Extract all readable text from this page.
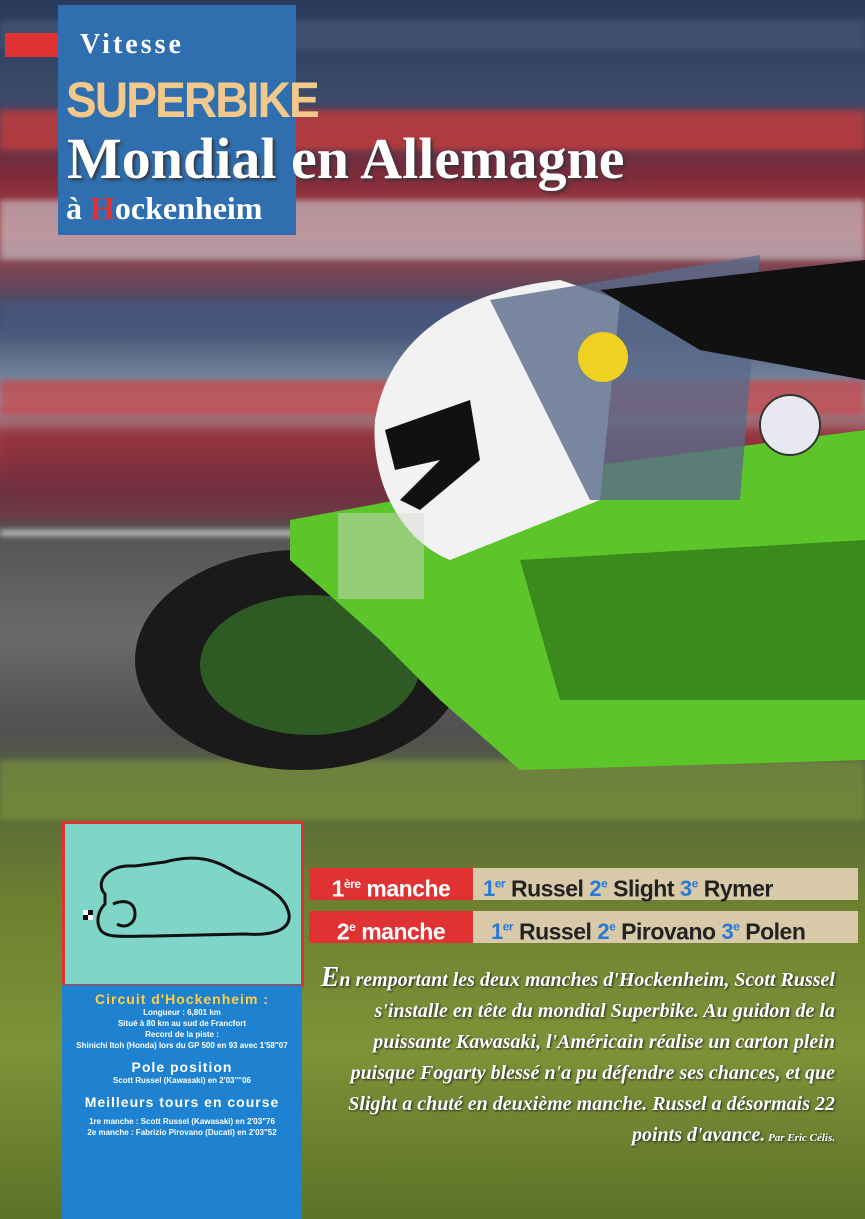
Vitesse
SUPERBIKE
Mondial en Allemagne
à Hockenheim
Circuit d'Hockenheim :
Longueur : 6,801 km
Situé à 80 km au sud de Francfort
Record de la piste :
Shinichi Itoh (Honda) lors du GP 500 en 93 avec 1'58"07
Pole position
Scott Russel (Kawasaki) en 2'03""06
Meilleurs tours en course
1re manche : Scott Russel (Kawasaki) en 2'03"76
2e manche : Fabrizio Pirovano (Ducati) en 2'03"52
1ère manche	1er Russel 2e Slight 3e Rymer
2e manche	1er Russel 2e Pirovano 3e Polen
En remportant les deux manches d'Hockenheim, Scott Russel s'installe en tête du mondial Superbike. Au guidon de la puissante Kawasaki, l'Américain réalise un carton plein puisque Fogarty blessé n'a pu défendre ses chances, et que Slight a chuté en deuxième manche. Russel a désormais 22 points d'avance. Par Eric Célis.
